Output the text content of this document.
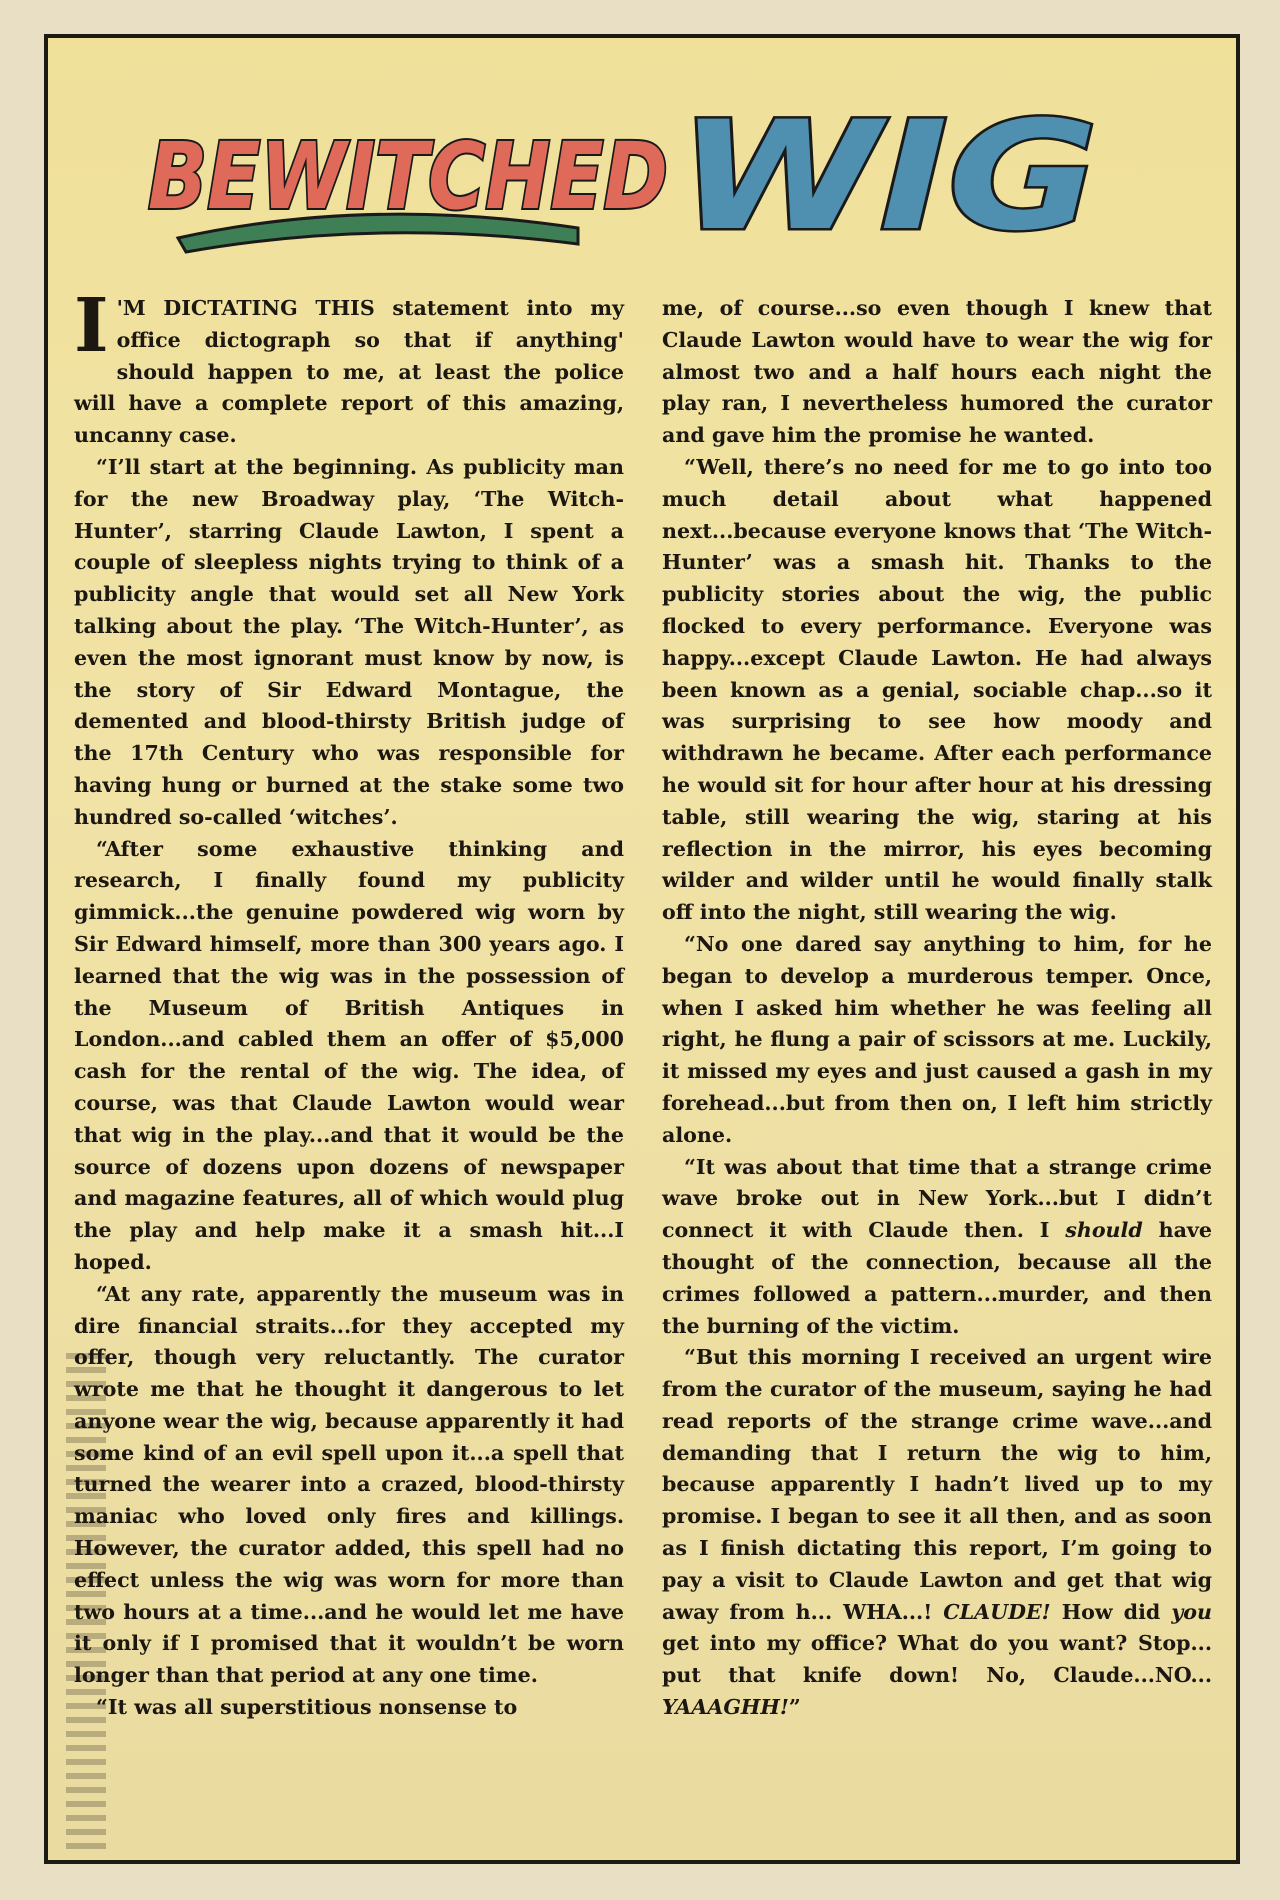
BEWITCHED WIG

I 'M DICTATING THIS statement into my office dictograph so that if anything' should happen to me, at least the police will have a complete report of this amazing, uncanny case.

“I’ll start at the beginning. As publicity man for the new Broadway play, ‘The Witch-Hunter’, starring Claude Lawton, I spent a couple of sleepless nights trying to think of a publicity angle that would set all New York talking about the play. ‘The Witch-Hunter’, as even the most ignorant must know by now, is the story of Sir Edward Montague, the demented and blood-thirsty British judge of the 17th Century who was responsible for having hung or burned at the stake some two hundred so-called ‘witches’.

“After some exhaustive thinking and research, I finally found my publicity gimmick...the genuine powdered wig worn by Sir Edward himself, more than 300 years ago. I learned that the wig was in the possession of the Museum of British Antiques in London...and cabled them an offer of $5,000 cash for the rental of the wig. The idea, of course, was that Claude Lawton would wear that wig in the play...and that it would be the source of dozens upon dozens of newspaper and magazine features, all of which would plug the play and help make it a smash hit...I hoped.

“At any rate, apparently the museum was in dire financial straits...for they accepted my offer, though very reluctantly. The curator wrote me that he thought it dangerous to let anyone wear the wig, because apparently it had some kind of an evil spell upon it...a spell that turned the wearer into a crazed, blood-thirsty maniac who loved only fires and killings. However, the curator added, this spell had no effect unless the wig was worn for more than two hours at a time...and he would let me have it only if I promised that it wouldn’t be worn longer than that period at any one time.

“It was all superstitious nonsense to

me, of course...so even though I knew that Claude Lawton would have to wear the wig for almost two and a half hours each night the play ran, I nevertheless humored the curator and gave him the promise he wanted.

“Well, there’s no need for me to go into too much detail about what happened next...because everyone knows that ‘The Witch-Hunter’ was a smash hit. Thanks to the publicity stories about the wig, the public flocked to every performance. Everyone was happy...except Claude Lawton. He had always been known as a genial, sociable chap...so it was surprising to see how moody and withdrawn he became. After each performance he would sit for hour after hour at his dressing table, still wearing the wig, staring at his reflection in the mirror, his eyes becoming wilder and wilder until he would finally stalk off into the night, still wearing the wig.

“No one dared say anything to him, for he began to develop a murderous temper. Once, when I asked him whether he was feeling all right, he flung a pair of scissors at me. Luckily, it missed my eyes and just caused a gash in my forehead...but from then on, I left him strictly alone.

“It was about that time that a strange crime wave broke out in New York...but I didn’t connect it with Claude then. I should have thought of the connection, because all the crimes followed a pattern...murder, and then the burning of the victim.

“But this morning I received an urgent wire from the curator of the museum, saying he had read reports of the strange crime wave...and demanding that I return the wig to him, because apparently I hadn’t lived up to my promise. I began to see it all then, and as soon as I finish dictating this report, I’m going to pay a visit to Claude Lawton and get that wig away from h... WHA...! CLAUDE! How did you get into my office? What do you want? Stop... put that knife down! No, Claude...NO... YAAAGHH!”
